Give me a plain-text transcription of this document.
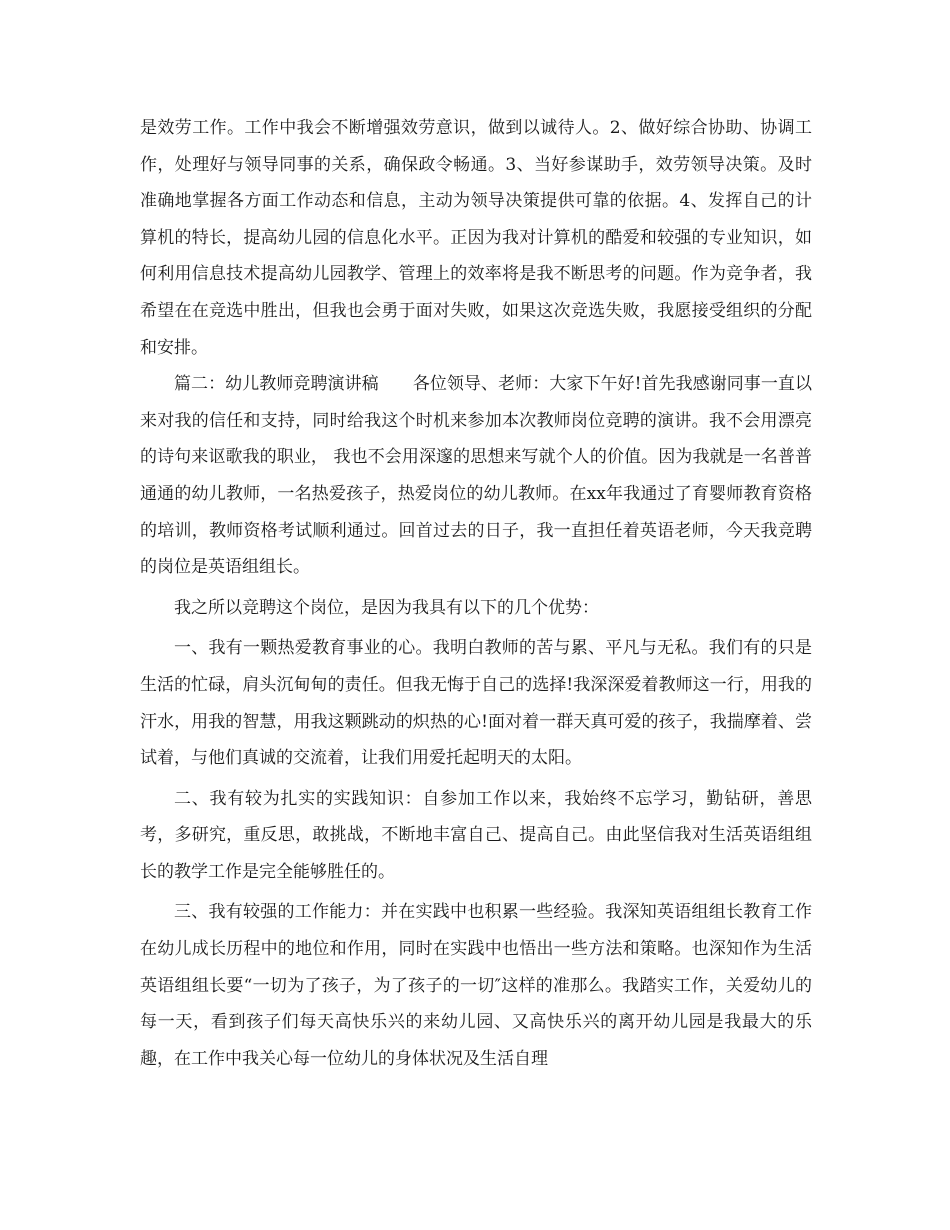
是效劳工作。工作中我会不断增强效劳意识，做到以诚待人。2、做好综合协助、协调工作，处理好与领导同事的关系，确保政令畅通。3、当好参谋助手，效劳领导决策。及时准确地掌握各方面工作动态和信息，主动为领导决策提供可靠的依据。4、发挥自己的计算机的特长，提高幼儿园的信息化水平。正因为我对计算机的酷爱和较强的专业知识，如何利用信息技术提高幼儿园教学、管理上的效率将是我不断思考的问题。作为竞争者，我希望在在竞选中胜出，但我也会勇于面对失败，如果这次竞选失败，我愿接受组织的分配和安排。

篇二：幼儿教师竞聘演讲稿　　各位领导、老师：大家下午好!首先我感谢同事一直以来对我的信任和支持，同时给我这个时机来参加本次教师岗位竞聘的演讲。我不会用漂亮的诗句来讴歌我的职业， 我也不会用深邃的思想来写就个人的价值。因为我就是一名普普通通的幼儿教师，一名热爱孩子，热爱岗位的幼儿教师。在xx年我通过了育婴师教育资格的培训，教师资格考试顺利通过。回首过去的日子，我一直担任着英语老师，今天我竞聘的岗位是英语组组长。

我之所以竞聘这个岗位，是因为我具有以下的几个优势：

一、我有一颗热爱教育事业的心。我明白教师的苦与累、平凡与无私。我们有的只是生活的忙碌，肩头沉甸甸的责任。但我无悔于自己的选择!我深深爱着教师这一行，用我的汗水，用我的智慧，用我这颗跳动的炽热的心!面对着一群天真可爱的孩子，我揣摩着、尝试着，与他们真诚的交流着，让我们用爱托起明天的太阳。

二、我有较为扎实的实践知识：自参加工作以来，我始终不忘学习，勤钻研，善思考，多研究，重反思，敢挑战，不断地丰富自己、提高自己。由此坚信我对生活英语组组长的教学工作是完全能够胜任的。

三、我有较强的工作能力：并在实践中也积累一些经验。我深知英语组组长教育工作在幼儿成长历程中的地位和作用，同时在实践中也悟出一些方法和策略。也深知作为生活英语组组长要“一切为了孩子，为了孩子的一切″这样的准那么。我踏实工作，关爱幼儿的每一天，看到孩子们每天高快乐兴的来幼儿园、又高快乐兴的离开幼儿园是我最大的乐趣，在工作中我关心每一位幼儿的身体状况及生活自理
